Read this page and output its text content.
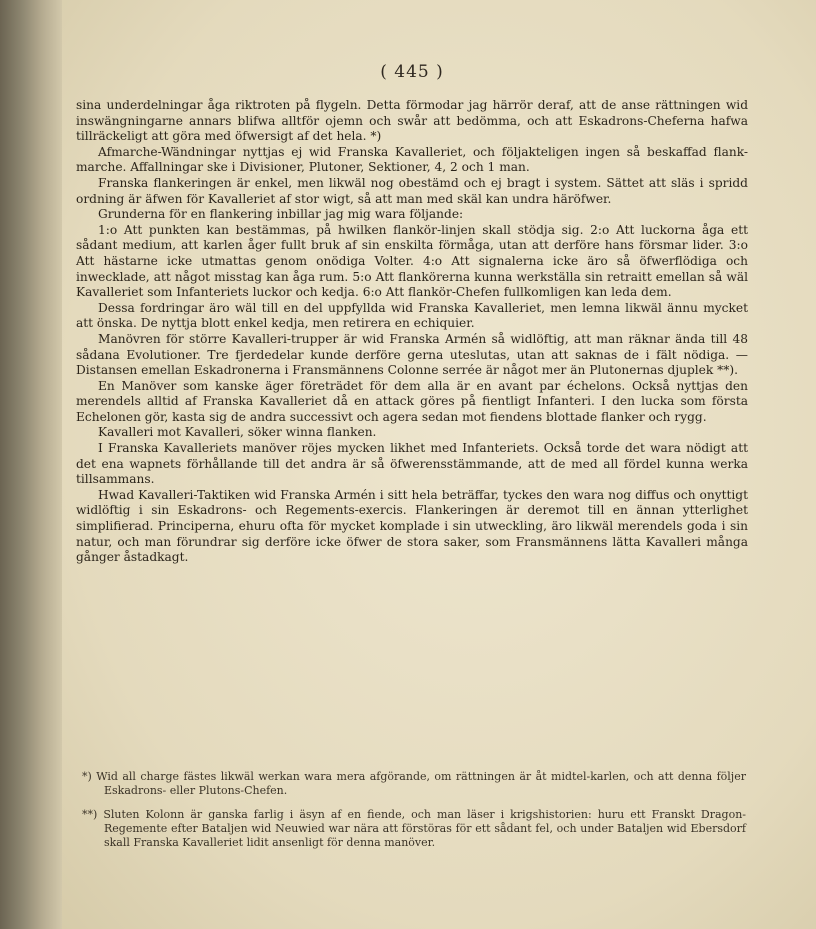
( 445 )

sina underdelningar åga riktroten på flygeln. Detta förmodar jag härrör deraf, att de anse rättningen wid inswängningarne annars blifwa alltför ojemn och swår att bedömma, och att Eskadrons-Cheferna hafwa tillräckeligt att göra med öfwersigt af det hela. *)

Afmarche-Wändningar nyttjas ej wid Franska Kavalleriet, och följakteligen ingen så beskaffad flank-marche. Affallningar ske i Divisioner, Plutoner, Sektioner, 4, 2 och 1 man.

Franska flankeringen är enkel, men likwäl nog obestämd och ej bragt i system. Sättet att släs i spridd ordning är äfwen för Kavalleriet af stor wigt, så att man med skäl kan undra häröfwer.

Grunderna för en flankering inbillar jag mig wara följande:

1:o Att punkten kan bestämmas, på hwilken flankör-linjen skall stödja sig. 2:o Att luckorna åga ett sådant medium, att karlen åger fullt bruk af sin enskilta förmåga, utan att derföre hans försmar lider. 3:o Att hästarne icke utmattas genom onödiga Volter. 4:o Att signalerna icke äro så öfwerflödiga och inweckladе, att något misstag kan åga rum. 5:o Att flankörerna kunna werkställa sin retraitt emellan så wäl Kavalleriet som Infanteriets luckor och kedja. 6:o Att flankör-Chefen fullkomligen kan leda dem.

Dessa fordringar äro wäl till en del uppfyllda wid Franska Kavalleriet, men lemna likwäl ännu mycket att önska. De nyttja blott enkel kedja, men retirera en echiquier.

Manövren för större Kavalleri-trupper är wid Franska Armén så widlöftig, att man räknar ända till 48 sådana Evolutioner. Tre fjerdedelar kunde derföre gerna uteslutas, utan att saknas de i fält nödiga. — Distansen emellan Eskadronerna i Fransmännens Colonne serrée är något mer än Plutonernas djuplek **).

En Manöver som kanske äger företrädet för dem alla är en avant par échelons. Också nyttjas den merendels alltid af Franska Kavalleriet då en attack göres på fientligt Infanteri. I den lucka som första Echelonen gör, kasta sig de andra successivt och agera sedan mot fiendens blottade flanker och rygg.

Kavalleri mot Kavalleri, söker winna flanken.

I Franska Kavalleriets manöver röjes mycken likhet med Infanteriets. Också torde det wara nödigt att det ena wapnets förhållande till det andra är så öfwerensstämmande, att de med all fördel kunna werka tillsammans.

Hwad Kavalleri-Taktiken wid Franska Armén i sitt hela beträffar, tyckes den wara nog diffus och onyttigt widlöftig i sin Eskadrons- och Regements-exercis. Flankeringen är deremot till en ännan ytterlighet simplifierad. Principerna, ehuru ofta för mycket komplade i sin utweckling, äro likwäl merendels goda i sin natur, och man förundrar sig derföre icke öfwer de stora saker, som Fransmännens lätta Kavalleri många gånger åstadkagt.

*) Wid all charge fästes likwäl werkan wara mera afgörande, om rättningen är åt midtel-karlen, och att denna följer Eskadrons- eller Plutons-Chefen.

**) Sluten Kolonn är ganska farlig i äsyn af en fiende, och man läser i krigshistorien: huru ett Franskt Dragon-Regemente efter Bataljen wid Neuwied war nära att förstöras för ett sådant fel, och under Bataljen wid Ebersdorf skall Franska Kavalleriet lidit ansenligt för denna manöver.
